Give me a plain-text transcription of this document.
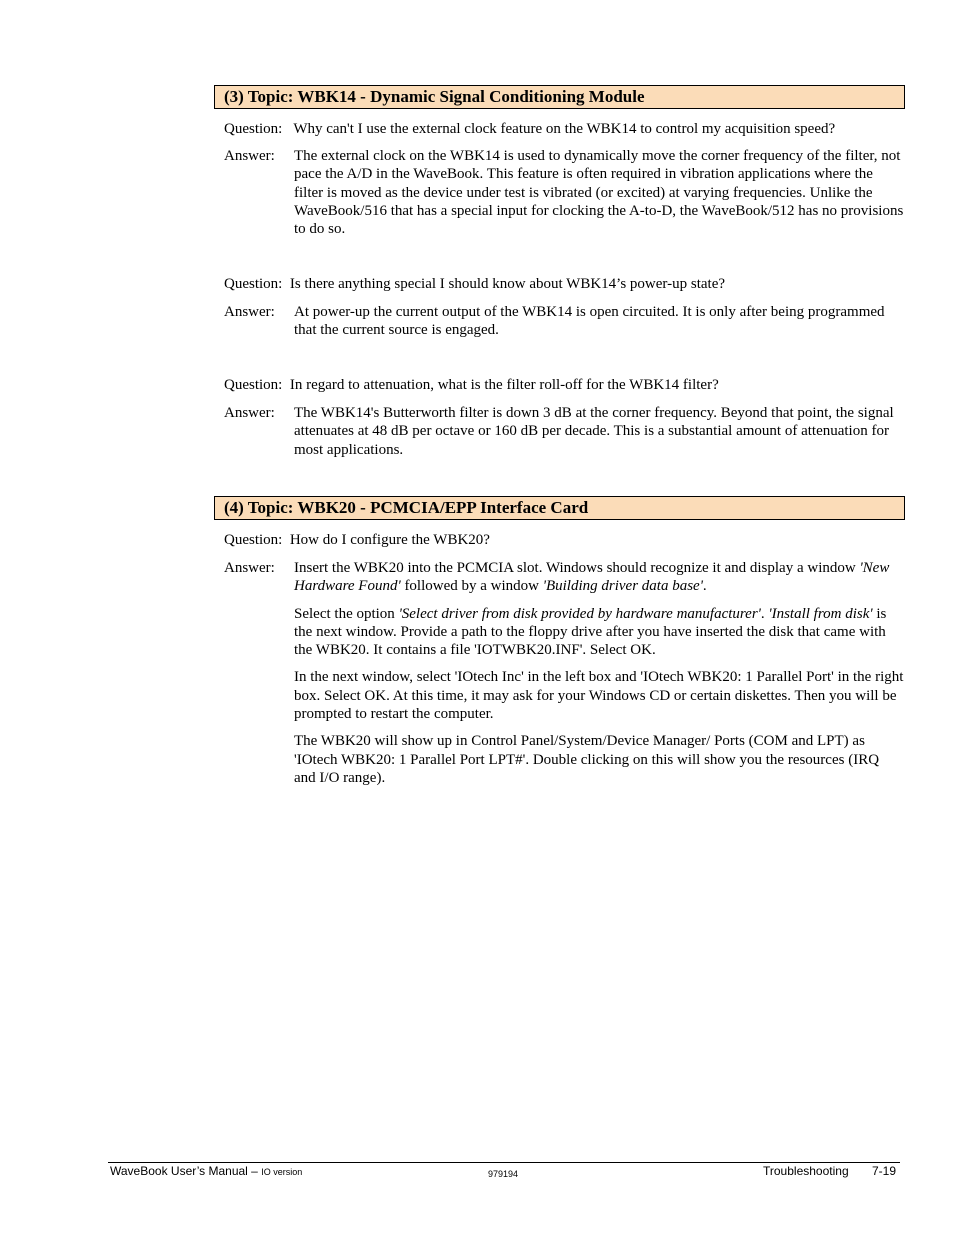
(3) Topic: WBK14 - Dynamic Signal Conditioning Module
Question: Why can't I use the external clock feature on the WBK14 to control my acquisition speed?
Answer: The external clock on the WBK14 is used to dynamically move the corner frequency of the filter, not pace the A/D in the WaveBook. This feature is often required in vibration applications where the filter is moved as the device under test is vibrated (or excited) at varying frequencies. Unlike the WaveBook/516 that has a special input for clocking the A-to-D, the WaveBook/512 has no provisions to do so.

Question: Is there anything special I should know about WBK14’s power-up state?
Answer: At power-up the current output of the WBK14 is open circuited. It is only after being programmed that the current source is engaged.

Question: In regard to attenuation, what is the filter roll-off for the WBK14 filter?
Answer: The WBK14's Butterworth filter is down 3 dB at the corner frequency. Beyond that point, the signal attenuates at 48 dB per octave or 160 dB per decade. This is a substantial amount of attenuation for most applications.

(4) Topic: WBK20 - PCMCIA/EPP Interface Card
Question: How do I configure the WBK20?
Answer: Insert the WBK20 into the PCMCIA slot. Windows should recognize it and display a window 'New Hardware Found' followed by a window 'Building driver data base'.

Select the option 'Select driver from disk provided by hardware manufacturer'. 'Install from disk' is the next window. Provide a path to the floppy drive after you have inserted the disk that came with the WBK20. It contains a file 'IOTWBK20.INF'. Select OK.

In the next window, select 'IOtech Inc' in the left box and 'IOtech WBK20: 1 Parallel Port' in the right box. Select OK. At this time, it may ask for your Windows CD or certain diskettes. Then you will be prompted to restart the computer.

The WBK20 will show up in Control Panel/System/Device Manager/ Ports (COM and LPT) as 'IOtech WBK20: 1 Parallel Port LPT#'. Double clicking on this will show you the resources (IRQ and I/O range).

WaveBook User’s Manual – IO version	979194	Troubleshooting 7-19
